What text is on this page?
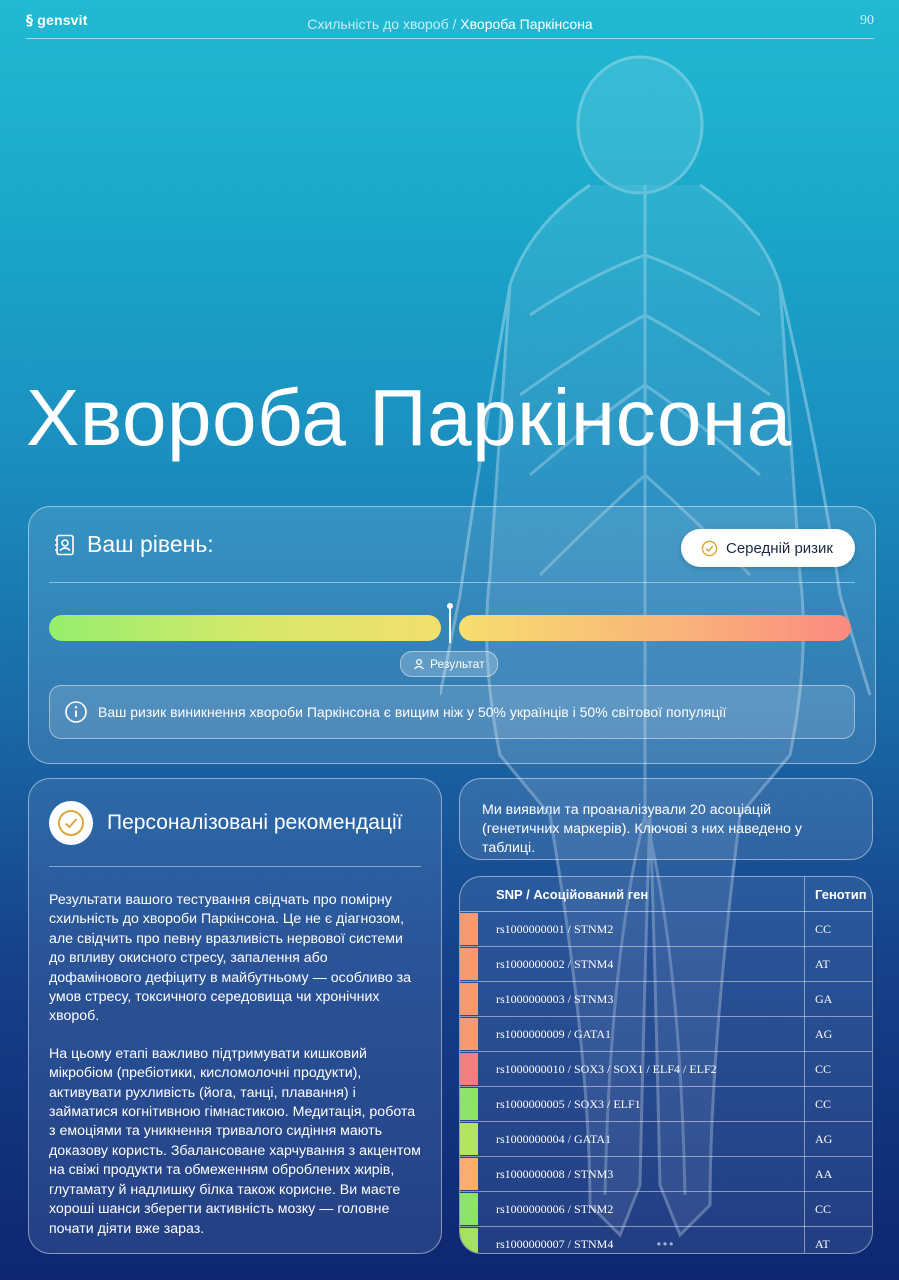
§ gensvit	Схильність до хвороб / Хвороба Паркінсона	90
Хвороба Паркінсона
Ваш рівень:	Середній ризик
Результат
Ваш ризик виникнення хвороби Паркінсона є вищим ніж у 50% українців і 50% світової популяції
Персоналізовані рекомендації

Результати вашого тестування свідчать про помірну схильність до хвороби Паркінсона. Це не є діагнозом, але свідчить про певну вразливість нервової системи до впливу окисного стресу, запалення або дофамінового дефіциту в майбутньому — особливо за умов стресу, токсичного середовища чи хронічних хвороб.

На цьому етапі важливо підтримувати кишковий мікробіом (пребіотики, кисломолочні продукти), активувати рухливість (йога, танці, плавання) і займатися когнітивною гімнастикою. Медитація, робота з емоціями та уникнення тривалого сидіння мають доказову користь. Збалансоване харчування з акцентом на свіжі продукти та обмеженням оброблених жирів, глутамату й надлишку білка також корисне. Ви маєте хороші шанси зберегти активність мозку — головне почати діяти вже зараз.

Ми виявили та проаналізували 20 асоціацій (генетичних маркерів). Ключові з них наведено у таблиці.
	SNP / Асоційований ген	Генотип

	rs1000000001 / STNM2	CC

	rs1000000002 / STNM4	AT

	rs1000000003 / STNM3	GA

	rs1000000009 / GATA1	AG

	rs1000000010 / SOX3 / SOX1 / ELF4 / ELF2	CC

	rs1000000005 / SOX3 / ELF1	CC

	rs1000000004 / GATA1	AG

	rs1000000008 / STNM3	AA

	rs1000000006 / STNM2	CC

	rs1000000007 / STNM4	AT
•••
